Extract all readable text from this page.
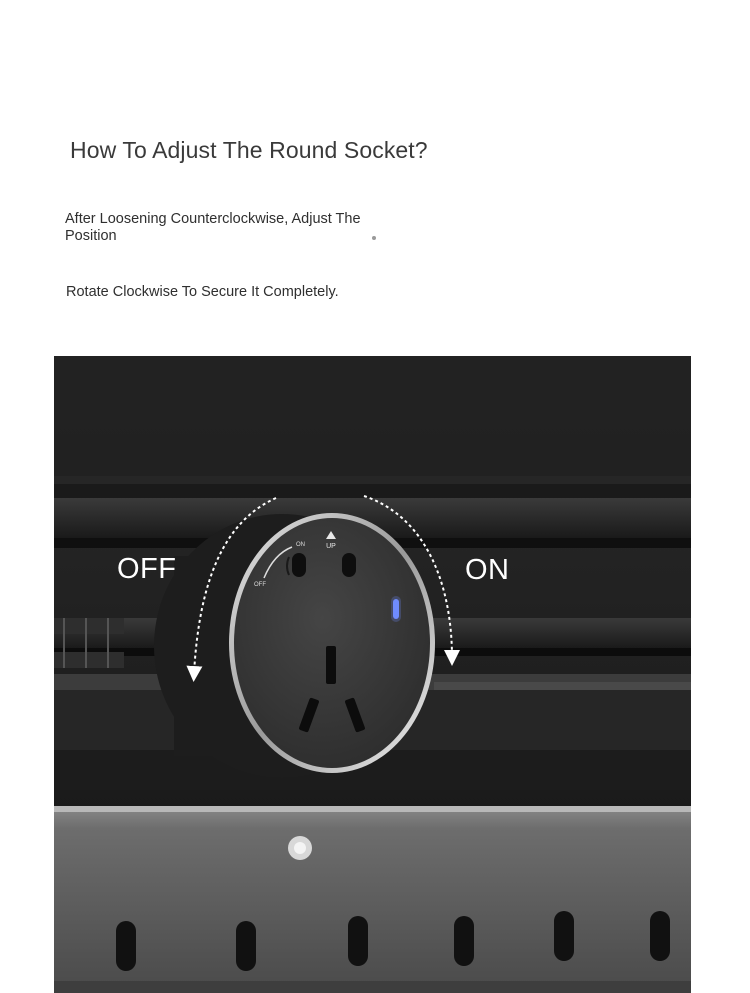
How To Adjust The Round Socket?
After Loosening Counterclockwise, Adjust The Position
Rotate Clockwise To Secure It Completely.
UP
ON
OFF
OFF	ON
